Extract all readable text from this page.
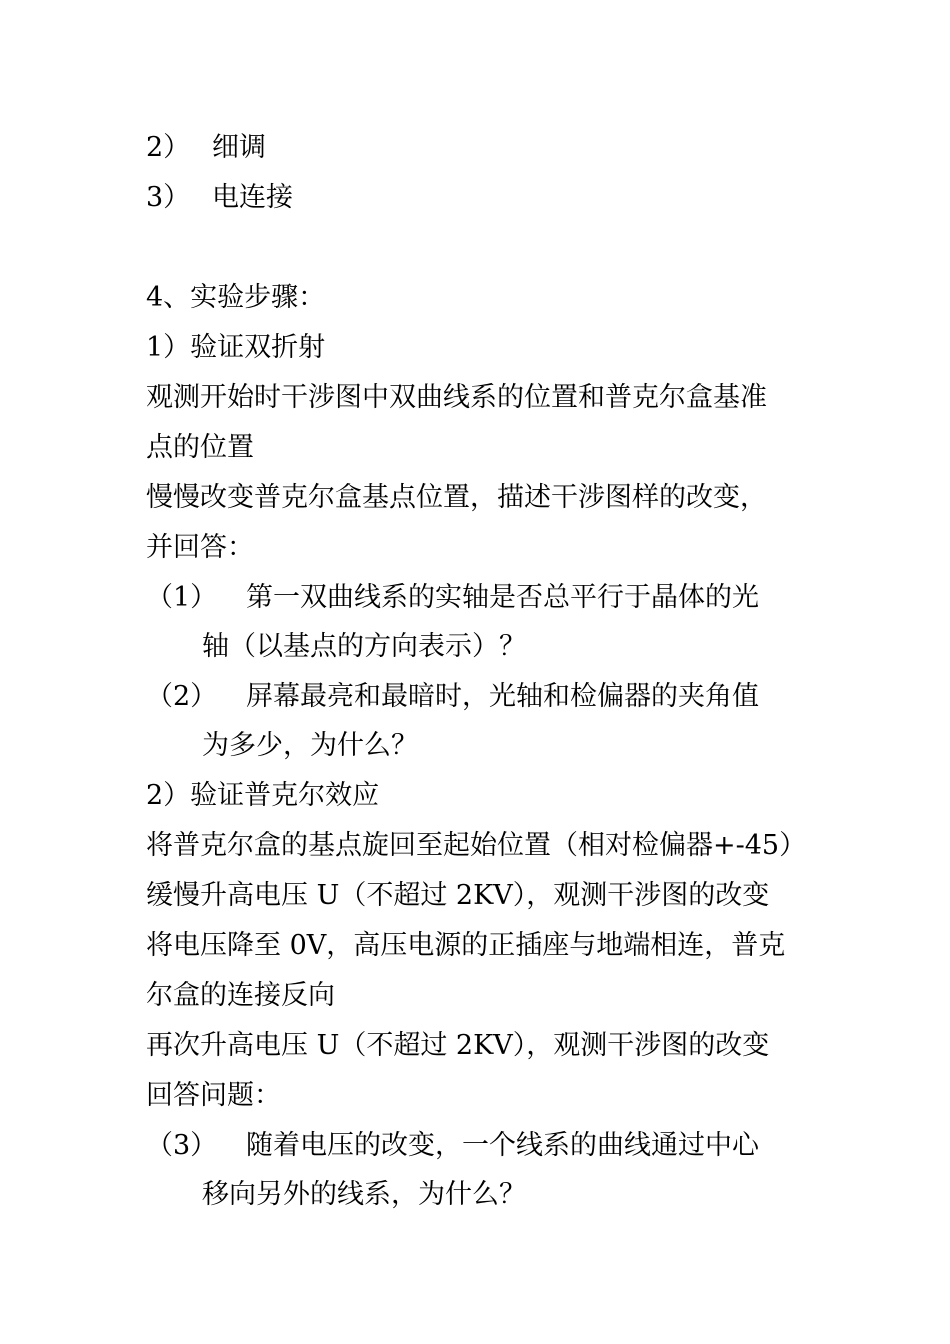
2） 细调
3） 电连接
4、实验步骤：
1）验证双折射
观测开始时干涉图中双曲线系的位置和普克尔盒基准
点的位置
慢慢改变普克尔盒基点位置，描述干涉图样的改变，
并回答：
（1） 第一双曲线系的实轴是否总平行于晶体的光
轴（以基点的方向表示）？
（2） 屏幕最亮和最暗时，光轴和检偏器的夹角值
为多少，为什么？
2）验证普克尔效应
将普克尔盒的基点旋回至起始位置（相对检偏器+-45）
缓慢升高电压 U（不超过 2KV），观测干涉图的改变
将电压降至 0V，高压电源的正插座与地端相连，普克
尔盒的连接反向
再次升高电压 U（不超过 2KV），观测干涉图的改变
回答问题：
（3） 随着电压的改变，一个线系的曲线通过中心
移向另外的线系，为什么？
